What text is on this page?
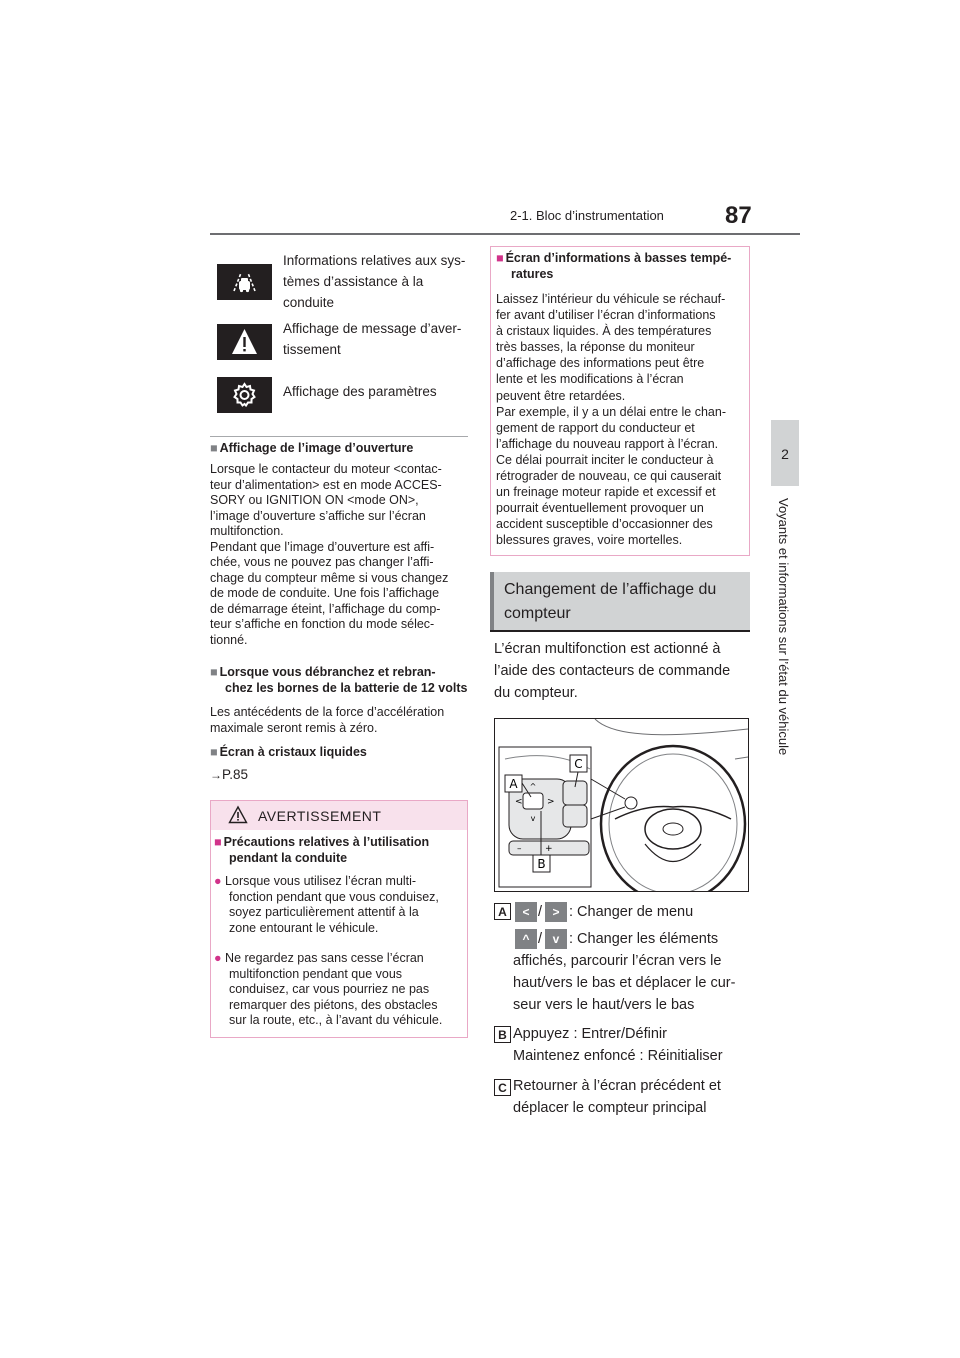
2-1. Bloc d’instrumentation	87
2
Voyants et informations sur l’état du véhicule
Informations relatives aux sys-
tèmes d’assistance à la
conduite
Affichage de message d’aver-
tissement
Affichage des paramètres
■ Affichage de l’image d’ouverture
Lorsque le contacteur du moteur <contac-
teur d’alimentation> est en mode ACCES-
SORY ou IGNITION ON <mode ON>,
l’image d’ouverture s’affiche sur l’écran
multifonction.
Pendant que l’image d’ouverture est affi-
chée, vous ne pouvez pas changer l’affi-
chage du compteur même si vous changez
de mode de conduite. Une fois l’affichage
de démarrage éteint, l’affichage du comp-
teur s’affiche en fonction du mode sélec-
tionné.
■ Lorsque vous débranchez et rebran-
chez les bornes de la batterie de 12 volts
Les antécédents de la force d’accélération
maximale seront remis à zéro.
■ Écran à cristaux liquides
→P.85
AVERTISSEMENT
■ Précautions relatives à l’utilisation
pendant la conduite
● Lorsque vous utilisez l’écran multi-
fonction pendant que vous conduisez,
soyez particulièrement attentif à la
zone entourant le véhicule.
● Ne regardez pas sans cesse l’écran
multifonction pendant que vous
conduisez, car vous pourriez ne pas
remarquer des piétons, des obstacles
sur la route, etc., à l’avant du véhicule.
■ Écran d’informations à basses tempé-
ratures
Laissez l’intérieur du véhicule se réchauf-
fer avant d’utiliser l’écran d’informations
à cristaux liquides. À des températures
très basses, la réponse du moniteur
d’affichage des informations peut être
lente et les modifications à l’écran
peuvent être retardées.
Par exemple, il y a un délai entre le chan-
gement de rapport du conducteur et
l’affichage du nouveau rapport à l’écran.
Ce délai pourrait inciter le conducteur à
rétrograder de nouveau, ce qui causerait
un freinage moteur rapide et excessif et
pourrait éventuellement provoquer un
accident susceptible d’occasionner des
blessures graves, voire mortelles.
Changement de l’affichage du
compteur
L’écran multifonction est actionné à
l’aide des contacteurs de commande
du compteur.
^
v
<	>
–	+
A
C
B
A	< / > : Changer de menu
^ / v : Changer les éléments
affichés, parcourir l’écran vers le
haut/vers le bas et déplacer le cur-
seur vers le haut/vers le bas
B Appuyez : Entrer/Définir
Maintenez enfoncé : Réinitialiser
C Retourner à l’écran précédent et
déplacer le compteur principal
